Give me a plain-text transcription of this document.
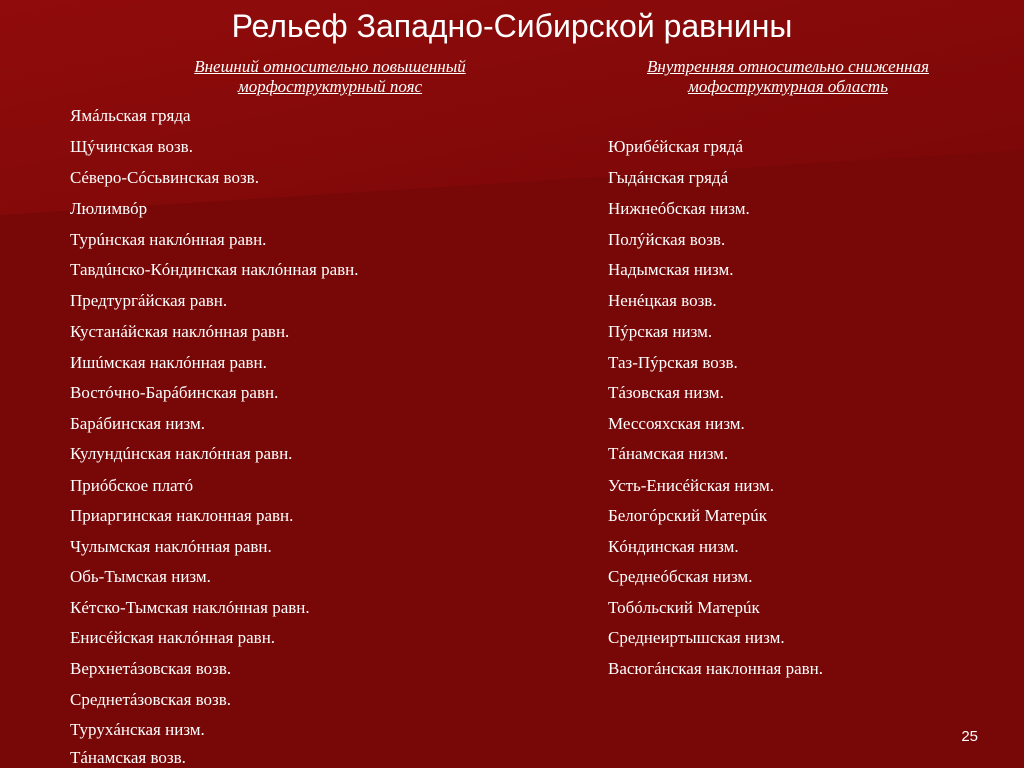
Рельеф Западно-Сибирской равнины
Внешний относительно повышенный
морфоструктурный пояс
Внутренняя относительно сниженная
мофоструктурная область
Ямáльская гряда
Щýчинская возв.
Сéверо-Сóсьвинская возв.
Люлимвóр
Турúнская наклóнная равн.
Тавдúнско-Кóндинская наклóнная равн.
Предтургáйская равн.
Кустанáйская наклóнная равн.
Ишúмская наклóнная равн.
Востóчно-Барáбинская равн.
Барáбинская низм.
Кулундúнская наклóнная равн.
Приóбское платó
Приаргинская наклонная равн.
Чулымская наклóнная равн.
Обь-Тымская низм.
Кéтско-Тымская наклóнная равн.
Енисéйская наклóнная равн.
Верхнетáзовская возв.
Среднетáзовская возв.
Турухáнская низм.
Тáнамская возв.
Юрибéйская грядá
Гыдáнская грядá
Нижнеóбская низм.
Полýйская возв.
Надымская низм.
Ненéцкая возв.
Пýрская низм.
Таз-Пýрская возв.
Тáзовская низм.
Мессояхская низм.
Тáнамская низм.
Усть-Енисéйская низм.
Белогóрский Матерúк
Кóндинская низм.
Среднеóбская низм.
Тобóльский Матерúк
Среднеиртышская низм.
Васюгáнская наклонная равн.
25
